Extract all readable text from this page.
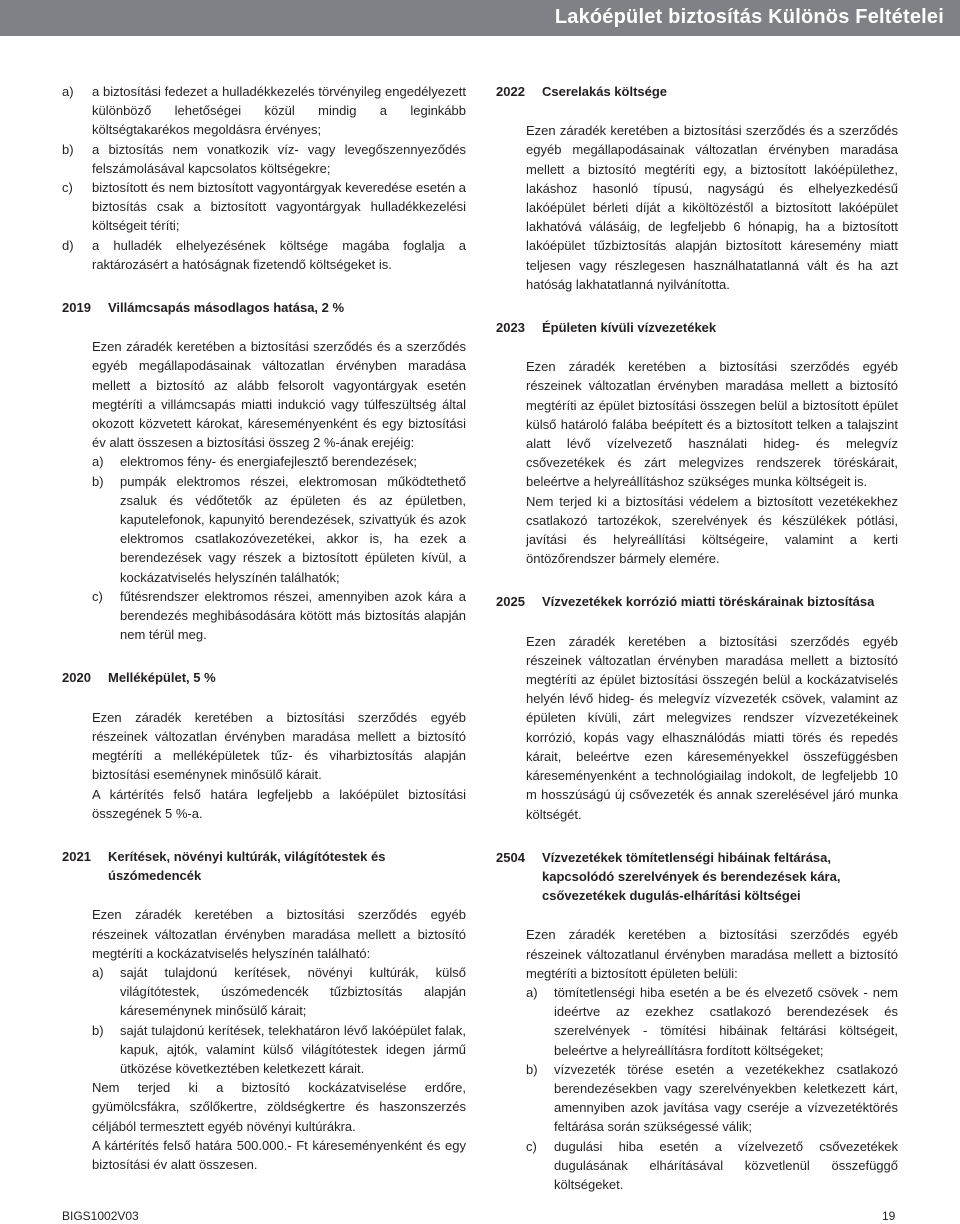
Lakóépület biztosítás Különös Feltételei
a)	a biztosítási fedezet a hulladékkezelés törvényileg engedélyezett különböző lehetőségei közül mindig a leginkább költségtakarékos megoldásra érvényes;
b)	a biztosítás nem vonatkozik víz- vagy levegőszennyeződés felszámolásával kapcsolatos költségekre;
c)	biztosított és nem biztosított vagyontárgyak keveredése esetén a biztosítás csak a biztosított vagyontárgyak hulladékkezelési költségeit téríti;
d)	a hulladék elhelyezésének költsége magába foglalja a raktározásért a hatóságnak fizetendő költségeket is.
2019	Villámcsapás másodlagos hatása, 2 %

Ezen záradék keretében a biztosítási szerződés és a szerződés egyéb megállapodásainak változatlan érvényben maradása mellett a biztosító az alább felsorolt vagyontárgyak esetén megtéríti a villámcsapás miatti indukció vagy túlfeszültség által okozott közvetett károkat, káreseményenként és egy biztosítási év alatt összesen a biztosítási összeg 2 %-ának erejéig:

a)	elektromos fény- és energiafejlesztő berendezések;
b)	pumpák elektromos részei, elektromosan működtethető zsaluk és védőtetők az épületen és az épületben, kaputelefonok, kapunyitó berendezések, szivattyúk és azok elektromos csatlakozóvezetékei, akkor is, ha ezek a berendezések vagy részek a biztosított épületen kívül, a kockázatviselés helyszínén találhatók;
c)	fűtésrendszer elektromos részei, amennyiben azok kára a berendezés meghibásodására kötött más biztosítás alapján nem térül meg.
2020	Melléképület, 5 %

Ezen záradék keretében a biztosítási szerződés egyéb részeinek változatlan érvényben maradása mellett a biztosító megtéríti a melléképületek tűz- és viharbiztosítás alapján biztosítási eseménynek minősülő kárait.

A kártérítés felső határa legfeljebb a lakóépület biztosítási összegének 5 %-a.

2021	Kerítések, növényi kultúrák, világítótestek és úszómedencék

Ezen záradék keretében a biztosítási szerződés egyéb részeinek változatlan érvényben maradása mellett a biztosító megtéríti a kockázatviselés helyszínén található:

a)	saját tulajdonú kerítések, növényi kultúrák, külső világítótestek, úszómedencék tűzbiztosítás alapján káreseménynek minősülő kárait;
b)	saját tulajdonú kerítések, telekhatáron lévő lakóépület falak, kapuk, ajtók, valamint külső világítótestek idegen jármű ütközése következtében keletkezett kárait.

Nem terjed ki a biztosító kockázatviselése erdőre, gyümölcsfákra, szőlőkertre, zöldségkertre és haszonszerzés céljából termesztett egyéb növényi kultúrákra.

A kártérítés felső határa 500.000.- Ft káreseményenként és egy biztosítási év alatt összesen.

2022	Cserelakás költsége

Ezen záradék keretében a biztosítási szerződés és a szerződés egyéb megállapodásainak változatlan érvényben maradása mellett a biztosító megtéríti egy, a biztosított lakóépülethez, lakáshoz hasonló típusú, nagyságú és elhelyezkedésű lakóépület bérleti díját a kiköltözéstől a biztosított lakóépület lakhatóvá válásáig, de legfeljebb 6 hónapig, ha a biztosított lakóépület tűzbiztosítás alapján biztosított káresemény miatt teljesen vagy részlegesen használhatatlanná vált és ha azt hatóság lakhatatlanná nyilvánította.

2023	Épületen kívüli vízvezetékek

Ezen záradék keretében a biztosítási szerződés egyéb részeinek változatlan érvényben maradása mellett a biztosító megtéríti az épület biztosítási összegen belül a biztosított épület külső határoló falába beépített és a biztosított telken a talajszint alatt lévő vízelvezető használati hideg- és melegvíz csővezetékek és zárt melegvizes rendszerek töréskárait, beleértve a helyreállításhoz szükséges munka költségeit is.

Nem terjed ki a biztosítási védelem a biztosított vezetékekhez csatlakozó tartozékok, szerelvények és készülékek pótlási, javítási és helyreállítási költségeire, valamint a kerti öntözőrendszer bármely elemére.

2025	Vízvezetékek korrózió miatti töréskárainak biztosítása

Ezen záradék keretében a biztosítási szerződés egyéb részeinek változatlan érvényben maradása mellett a biztosító megtéríti az épület biztosítási összegén belül a kockázatviselés helyén lévő hideg- és melegvíz vízvezeték csövek, valamint az épületen kívüli, zárt melegvizes rendszer vízvezetékeinek korrózió, kopás vagy elhasználódás miatti törés és repedés kárait, beleértve ezen káreseményekkel összefüggésben káreseményenként a technológiailag indokolt, de legfeljebb 10 m hosszúságú új csővezeték és annak szerelésével járó munka költségét.

2504	Vízvezetékek tömítetlenségi hibáinak feltárása, kapcsolódó szerelvények és berendezések kára, csővezetékek dugulás-elhárítási költségei

Ezen záradék keretében a biztosítási szerződés egyéb részeinek változatlanul érvényben maradása mellett a biztosító megtéríti a biztosított épületen belüli:

a)	tömítetlenségi hiba esetén a be és elvezető csövek - nem ideértve az ezekhez csatlakozó berendezések és szerelvények - tömítési hibáinak feltárási költségeit, beleértve a helyreállításra fordított költségeket;
b)	vízvezeték törése esetén a vezetékekhez csatlakozó berendezésekben vagy szerelvényekben keletkezett kárt, amennyiben azok javítása vagy cseréje a vízvezetéktörés feltárása során szükségessé válik;
c)	dugulási hiba esetén a vízelvezető csővezetékek dugulásának elhárításával közvetlenül összefüggő költségeket.
BIGS1002V03	19
